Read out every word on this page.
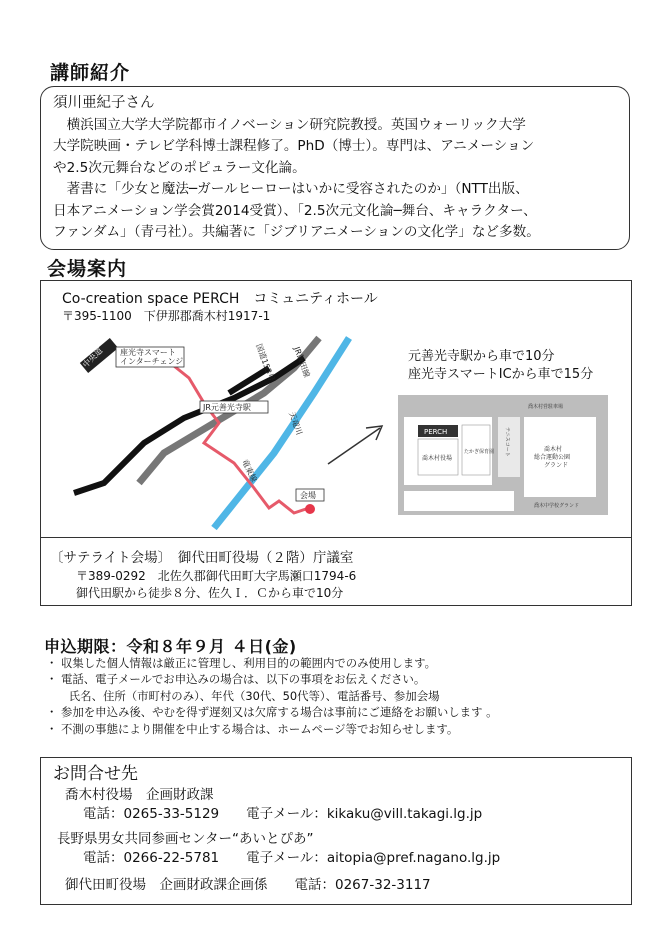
講師紹介
須川亜紀子さん
　横浜国立大学大学院都市イノベーション研究院教授。英国ウォーリック大学
大学院映画・テレビ学科博士課程修了。PhD（博士）。専門は、アニメーション
や2.5次元舞台などのポピュラー文化論。
　著書に「少女と魔法─ガールヒーローはいかに受容されたのか」（NTT出版、
日本アニメーション学会賞2014受賞）、「2.5次元文化論─舞台、キャラクター、
ファンダム」（青弓社）。共編著に「ジブリアニメーションの文化学」など多数。
会場案内
Co-creation space PERCH　コミュニティホール
〒395-1100　下伊那郡喬木村1917-1
座光寺スマート
インターチェンジ
JR元善光寺駅
会場
国道153号 JR飯田線
天竜川
竜東線
中央道	元善光寺駅から車で10分
座光寺スマートICから車で15分
PERCH
喬木村役場
たかぎ保育園 テニスコート	喬木村
総合運動公園
グランド
喬木村営駐車場
喬木中学校グランド
〔サテライト会場〕　御代田町役場（２階）庁議室
〒389-0292　北佐久郡御代田町大字馬瀬口1794-6
御代田駅から徒歩８分、佐久Ｉ．Ｃから車で10分
申込期限：令和８年９月 ４日(金)
・ 収集した個人情報は厳正に管理し、利用目的の範囲内でのみ使用します。
・ 電話、電子メールでお申込みの場合は、以下の事項をお伝えください。
　　氏名、住所（市町村のみ）、年代（30代、50代等）、電話番号、参加会場
・ 参加を申込み後、やむを得ず遅刻又は欠席する場合は事前にご連絡をお願いします 。
・ 不測の事態により開催を中止する場合は、ホームページ等でお知らせします。
お問合せ先
喬木村役場　企画財政課
電話：0265-33-5129　　電子メール：kikaku@vill.takagi.lg.jp
長野県男女共同参画センター“あいとぴあ”
電話：0266-22-5781　　電子メール：aitopia@pref.nagano.lg.jp
御代田町役場　企画財政課企画係　　電話：0267-32-3117
